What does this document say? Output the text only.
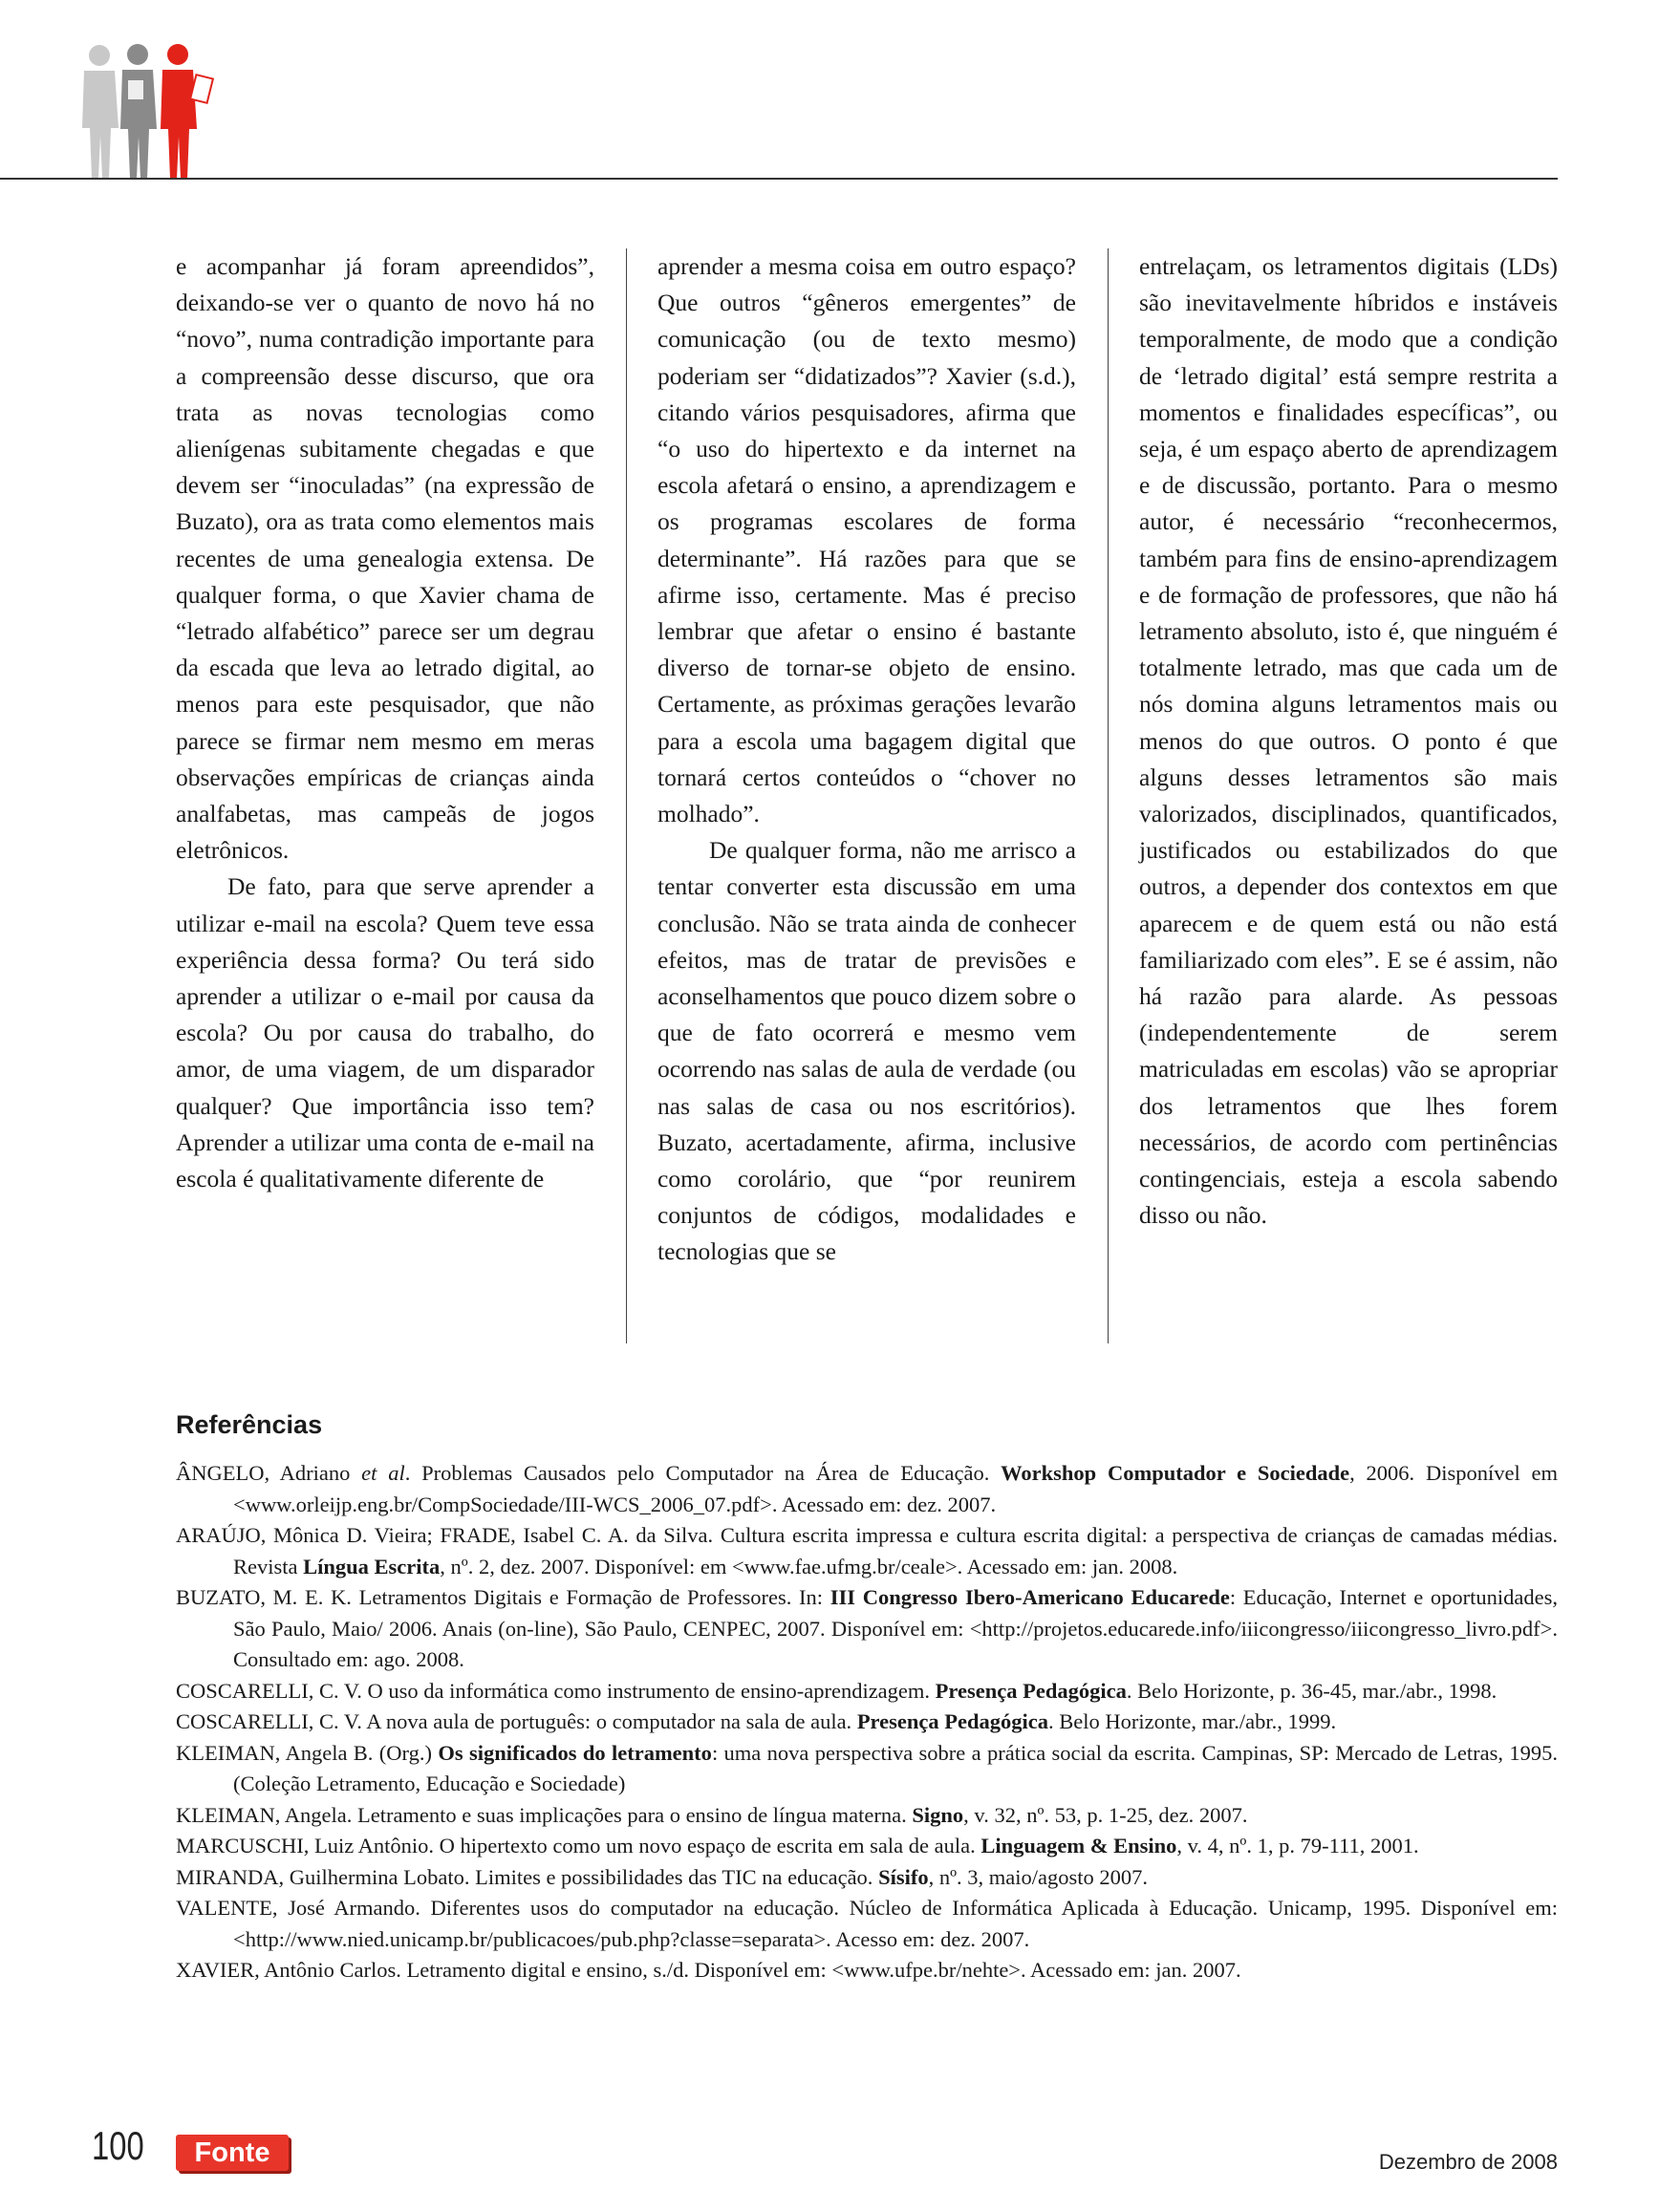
e acompanhar já foram apreendidos”, deixando-se ver o quanto de novo há no “novo”, numa contradição importante para a compreensão desse discurso, que ora trata as novas tecnologias como alienígenas subitamente chegadas e que devem ser “inoculadas” (na expressão de Buzato), ora as trata como elementos mais recentes de uma genealogia extensa. De qualquer forma, o que Xavier chama de “letrado alfabético” parece ser um degrau da escada que leva ao letrado digital, ao menos para este pesquisador, que não parece se firmar nem mesmo em meras observações empíricas de crianças ainda analfabetas, mas campeãs de jogos eletrônicos.

De fato, para que serve aprender a utilizar e-mail na escola? Quem teve essa experiência dessa forma? Ou terá sido aprender a utilizar o e-mail por causa da escola? Ou por causa do trabalho, do amor, de uma viagem, de um disparador qualquer? Que importância isso tem? Aprender a utilizar uma conta de e-mail na escola é qualitativamente diferente de

aprender a mesma coisa em outro espaço? Que outros “gêneros emergentes” de comunicação (ou de texto mesmo) poderiam ser “didatizados”? Xavier (s.d.), citando vários pesquisadores, afirma que “o uso do hipertexto e da internet na escola afetará o ensino, a aprendizagem e os programas escolares de forma determinante”. Há razões para que se afirme isso, certamente. Mas é preciso lembrar que afetar o ensino é bastante diverso de tornar-se objeto de ensino. Certamente, as próximas gerações levarão para a escola uma bagagem digital que tornará certos conteúdos o “chover no molhado”.

De qualquer forma, não me arrisco a tentar converter esta discussão em uma conclusão. Não se trata ainda de conhecer efeitos, mas de tratar de previsões e aconselhamentos que pouco dizem sobre o que de fato ocorrerá e mesmo vem ocorrendo nas salas de aula de verdade (ou nas salas de casa ou nos escritórios). Buzato, acertadamente, afirma, inclusive como corolário, que “por reunirem conjuntos de códigos, modalidades e tecnologias que se

entrelaçam, os letramentos digitais (LDs) são inevitavelmente híbridos e instáveis temporalmente, de modo que a condição de ‘letrado digital’ está sempre restrita a momentos e finalidades específicas”, ou seja, é um espaço aberto de aprendizagem e de discussão, portanto. Para o mesmo autor, é necessário “reconhecermos, também para fins de ensino-aprendizagem e de formação de professores, que não há letramento absoluto, isto é, que ninguém é totalmente letrado, mas que cada um de nós domina alguns letramentos mais ou menos do que outros. O ponto é que alguns desses letramentos são mais valorizados, disciplinados, quantificados, justificados ou estabilizados do que outros, a depender dos contextos em que aparecem e de quem está ou não está familiarizado com eles”. E se é assim, não há razão para alarde. As pessoas (independentemente de serem matriculadas em escolas) vão se apropriar dos letramentos que lhes forem necessários, de acordo com pertinências contingenciais, esteja a escola sabendo disso ou não.

Referências
ÂNGELO, Adriano et al. Problemas Causados pelo Computador na Área de Educação. Workshop Computador e Sociedade, 2006. Disponível em <www.orleijp.eng.br/CompSociedade/III-WCS_2006_07.pdf>. Acessado em: dez. 2007.
ARAÚJO, Mônica D. Vieira; FRADE, Isabel C. A. da Silva. Cultura escrita impressa e cultura escrita digital: a perspectiva de crianças de camadas médias. Revista Língua Escrita, nº. 2, dez. 2007. Disponível: em <www.fae.ufmg.br/ceale>. Acessado em: jan. 2008.
BUZATO, M. E. K. Letramentos Digitais e Formação de Professores. In: III Congresso Ibero-Americano Educarede: Educação, Internet e oportunidades, São Paulo, Maio/ 2006. Anais (on-line), São Paulo, CENPEC, 2007. Disponível em: <http://projetos.educarede.info/iiicongresso/iiicongresso_livro.pdf>. Consultado em: ago. 2008.
COSCARELLI, C. V. O uso da informática como instrumento de ensino-aprendizagem. Presença Pedagógica. Belo Horizonte, p. 36-45, mar./abr., 1998.
COSCARELLI, C. V. A nova aula de português: o computador na sala de aula. Presença Pedagógica. Belo Horizonte, mar./abr., 1999.
KLEIMAN, Angela B. (Org.) Os significados do letramento: uma nova perspectiva sobre a prática social da escrita. Campinas, SP: Mercado de Letras, 1995. (Coleção Letramento, Educação e Sociedade)
KLEIMAN, Angela. Letramento e suas implicações para o ensino de língua materna. Signo, v. 32, nº. 53, p. 1-25, dez. 2007.
MARCUSCHI, Luiz Antônio. O hipertexto como um novo espaço de escrita em sala de aula. Linguagem & Ensino, v. 4, nº. 1, p. 79-111, 2001.
MIRANDA, Guilhermina Lobato. Limites e possibilidades das TIC na educação. Sísifo, nº. 3, maio/agosto 2007.
VALENTE, José Armando. Diferentes usos do computador na educação. Núcleo de Informática Aplicada à Educação. Unicamp, 1995. Disponível em: <http://www.nied.unicamp.br/publicacoes/pub.php?classe=separata>. Acesso em: dez. 2007.
XAVIER, Antônio Carlos. Letramento digital e ensino, s./d. Disponível em: <www.ufpe.br/nehte>. Acessado em: jan. 2007.
100	Fonte	Dezembro de 2008
